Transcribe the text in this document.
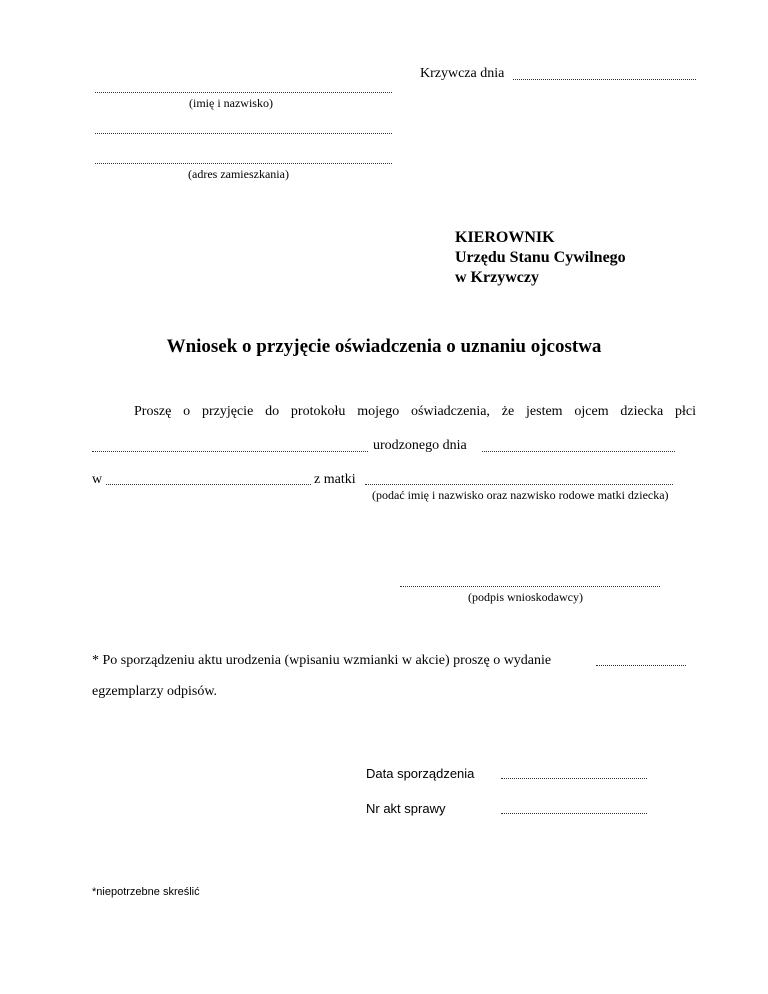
Krzywcza dnia
(imię i nazwisko)
(adres zamieszkania)
KIEROWNIK
Urzędu Stanu Cywilnego
w Krzywczy
Wniosek o przyjęcie oświadczenia o uznaniu ojcostwa
Proszę o przyjęcie do protokołu mojego oświadczenia, że jestem ojcem dziecka płci
urodzonego dnia
w	z matki
(podać imię i nazwisko oraz nazwisko rodowe matki dziecka)
(podpis wnioskodawcy)
* Po sporządzeniu aktu urodzenia (wpisaniu wzmianki w akcie) proszę o wydanie
egzemplarzy odpisów.
Data sporządzenia
Nr akt sprawy
*niepotrzebne skreślić
